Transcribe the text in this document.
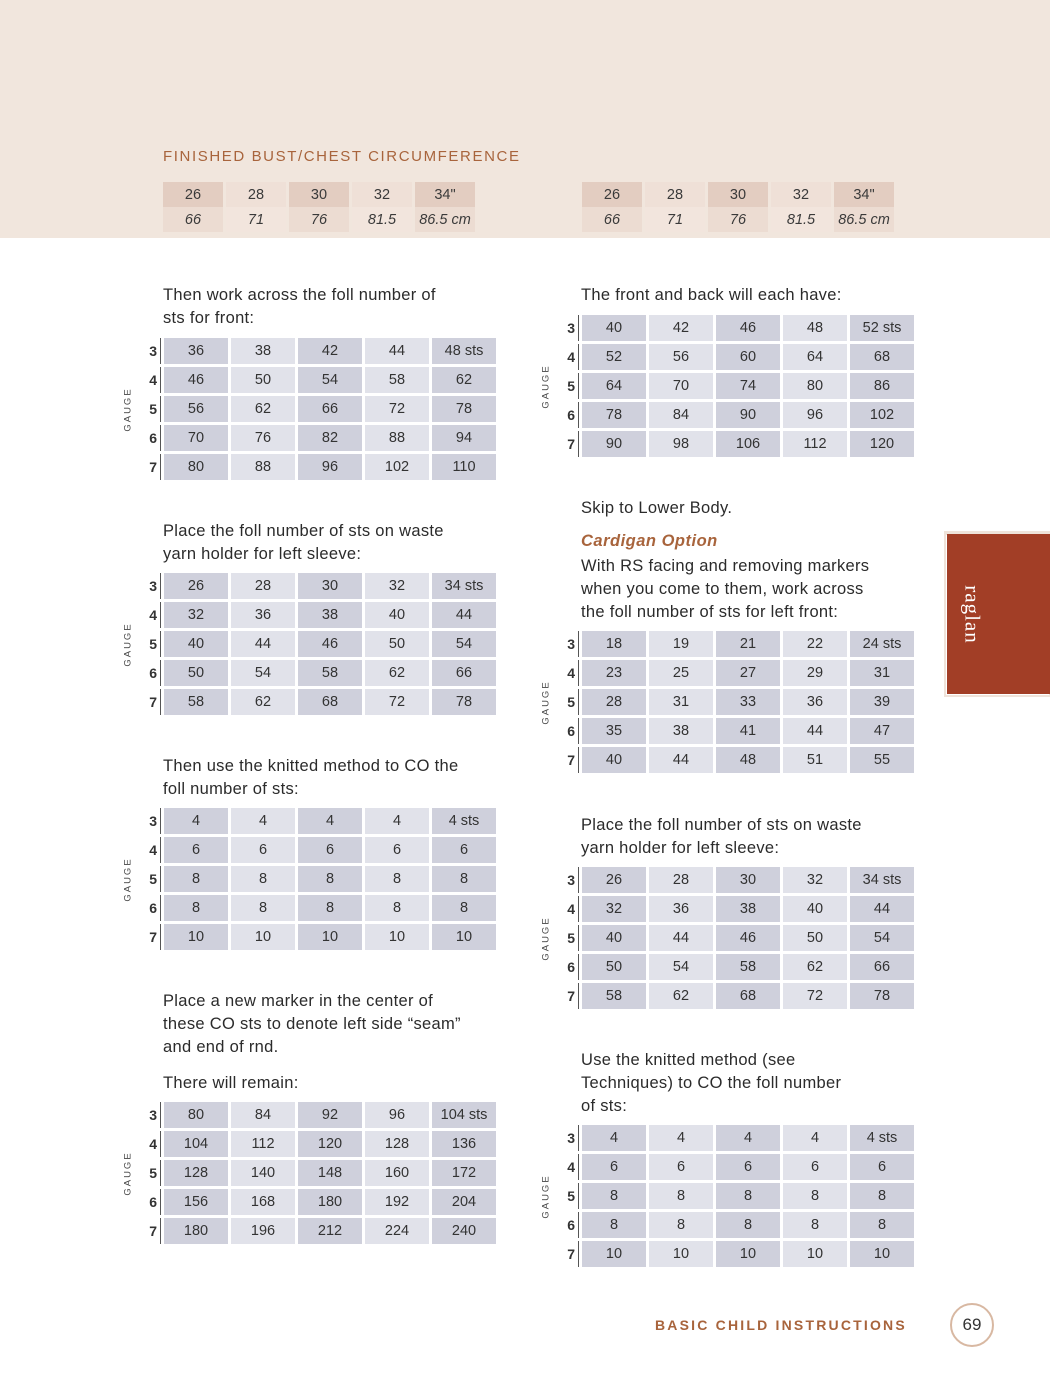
FINISHED BUST/CHEST CIRCUMFERENCE
26	28	30	32	34"
66	71	76	81.5	86.5 cm
26	28	30	32	34"
66	71	76	81.5	86.5 cm
Then work across the foll number of
sts for front:
GAUGE
3	36	38	42	44	48 sts
4	46	50	54	58	62
5	56	62	66	72	78
6	70	76	82	88	94
7	80	88	96	102	110
Place the foll number of sts on waste
yarn holder for left sleeve:
GAUGE
3	26	28	30	32	34 sts
4	32	36	38	40	44
5	40	44	46	50	54
6	50	54	58	62	66
7	58	62	68	72	78
Then use the knitted method to CO the
foll number of sts:
GAUGE
3	4	4	4	4	4 sts
4	6	6	6	6	6
5	8	8	8	8	8
6	8	8	8	8	8
7	10	10	10	10	10
Place a new marker in the center of
these CO sts to denote left side “seam”
and end of rnd.
There will remain:
GAUGE
3	80	84	92	96	104 sts
4	104	112	120	128	136
5	128	140	148	160	172
6	156	168	180	192	204
7	180	196	212	224	240
The front and back will each have:
GAUGE
3	40	42	46	48	52 sts
4	52	56	60	64	68
5	64	70	74	80	86
6	78	84	90	96	102
7	90	98	106	112	120
Skip to Lower Body.
Cardigan Option
With RS facing and removing markers
when you come to them, work across
the foll number of sts for left front:
GAUGE
3	18	19	21	22	24 sts
4	23	25	27	29	31
5	28	31	33	36	39
6	35	38	41	44	47
7	40	44	48	51	55
Place the foll number of sts on waste
yarn holder for left sleeve:
GAUGE
3	26	28	30	32	34 sts
4	32	36	38	40	44
5	40	44	46	50	54
6	50	54	58	62	66
7	58	62	68	72	78
Use the knitted method (see
Techniques) to CO the foll number
of sts:
GAUGE
3	4	4	4	4	4 sts
4	6	6	6	6	6
5	8	8	8	8	8
6	8	8	8	8	8
7	10	10	10	10	10
raglan
BASIC CHILD INSTRUCTIONS	69
